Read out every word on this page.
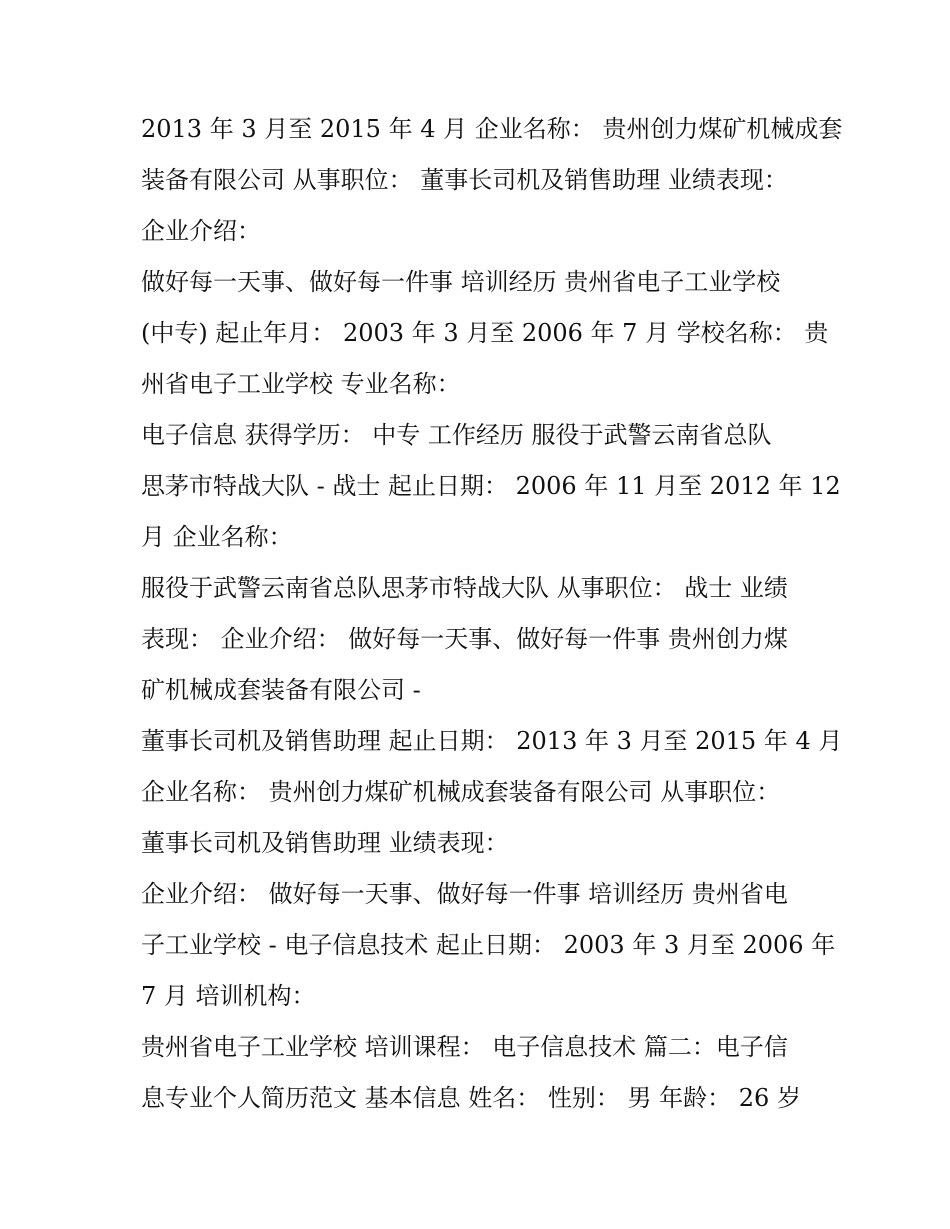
2013 年 3 月至 2015 年 4 月 企业名称： 贵州创力煤矿机械成套
装备有限公司 从事职位： 董事长司机及销售助理 业绩表现：
企业介绍：
做好每一天事、做好每一件事 培训经历 贵州省电子工业学校
(中专) 起止年月： 2003 年 3 月至 2006 年 7 月 学校名称： 贵
州省电子工业学校 专业名称：
电子信息 获得学历： 中专 工作经历 服役于武警云南省总队
思茅市特战大队 - 战士 起止日期： 2006 年 11 月至 2012 年 12
月 企业名称：
服役于武警云南省总队思茅市特战大队 从事职位： 战士 业绩
表现： 企业介绍： 做好每一天事、做好每一件事 贵州创力煤
矿机械成套装备有限公司 -
董事长司机及销售助理 起止日期： 2013 年 3 月至 2015 年 4 月
企业名称： 贵州创力煤矿机械成套装备有限公司 从事职位：
董事长司机及销售助理 业绩表现：
企业介绍： 做好每一天事、做好每一件事 培训经历 贵州省电
子工业学校 - 电子信息技术 起止日期： 2003 年 3 月至 2006 年
7 月 培训机构：
贵州省电子工业学校 培训课程： 电子信息技术 篇二：电子信
息专业个人简历范文 基本信息 姓名： 性别： 男 年龄： 26 岁
